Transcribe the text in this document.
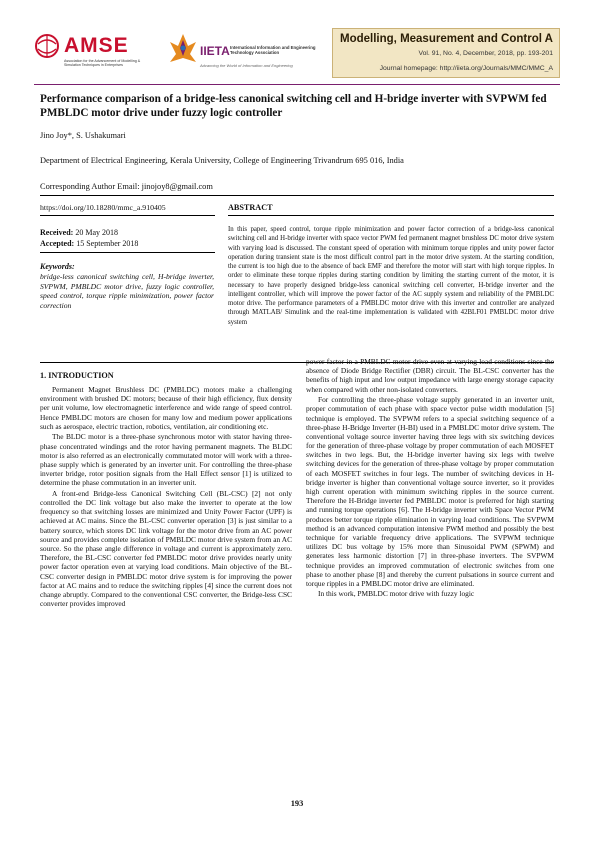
AMSE
Association for the Advancement of Modelling & Simulation Techniques in Enterprises
IIETA International Information and Engineering Technology Association
Advancing the World of Information and Engineering
Modelling, Measurement and Control A
Vol. 91, No. 4, December, 2018, pp. 193-201
Journal homepage: http://iieta.org/Journals/MMC/MMC_A
Performance comparison of a bridge-less canonical switching cell and H-bridge inverter with SVPWM fed PMBLDC motor drive under fuzzy logic controller
Jino Joy*, S. Ushakumari
Department of Electrical Engineering, Kerala University, College of Engineering Trivandrum 695 016, India
Corresponding Author Email: jinojoy8@gmail.com
https://doi.org/10.18280/mmc_a.910405	ABSTRACT
Received: 20 May 2018
Accepted: 15 September 2018
Keywords:
bridge-less canonical switching cell, H-bridge inverter, SVPWM, PMBLDC motor drive, fuzzy logic controller, speed control, torque ripple minimization, power factor correction
In this paper, speed control, torque ripple minimization and power factor correction of a bridge-less canonical switching cell and H-bridge inverter with space vector PWM fed permanent magnet brushless DC motor drive system with varying load is discussed. The constant speed of operation with minimum torque ripples and unity power factor operation during transient state is the most difficult control part in the motor drive system. At the starting condition, the current is too high due to the absence of back EMF and therefore the motor will start with high torque ripples. In order to eliminate these torque ripples during starting condition by limiting the starting current of the motor, it is necessary to have properly designed bridge-less canonical switching cell converter, H-bridge inverter and the intelligent controller, which will improve the power factor of the AC supply system and reliability of the PMBLDC motor drive. The performance parameters of a PMBLDC motor drive with this inverter and controller are analyzed through MATLAB/ Simulink and the real-time implementation is validated with 42BLF01 PMBLDC motor drive system
1. INTRODUCTION

Permanent Magnet Brushless DC (PMBLDC) motors make a challenging environment with brushed DC motors; because of their high efficiency, flux density per unit volume, low electromagnetic interference and wide range of speed control. Hence PMBLDC motors are chosen for many low and medium power applications such as aerospace, electric traction, robotics, ventilation, air conditioning etc.

The BLDC motor is a three-phase synchronous motor with stator having three-phase concentrated windings and the rotor having permanent magnets. The BLDC motor is also referred as an electronically commutated motor will work with a three-phase supply which is generated by an inverter unit. For controlling the three-phase inverter bridge, rotor position signals from the Hall Effect sensor [1] is utilized to determine the phase commutation in an inverter unit.

A front-end Bridge-less Canonical Switching Cell (BL-CSC) [2] not only controlled the DC link voltage but also make the inverter to operate at the low frequency so that switching losses are minimized and Unity Power Factor (UPF) is achieved at AC mains. Since the BL-CSC converter operation [3] is just similar to a battery source, which stores DC link voltage for the motor drive from an AC power source and provides complete isolation of PMBLDC motor drive system from an AC source. So the phase angle difference in voltage and current is approximately zero. Therefore, the BL-CSC converter fed PMBLDC motor drive provides nearly unity power factor operation even at varying load conditions. Main objective of the BL-CSC converter design in PMBLDC motor drive system is for improving the power factor at AC mains and to reduce the switching ripples [4] since the current does not change abruptly. Compared to the conventional CSC converter, the Bridge-less CSC converter provides improved

power factor in a PMBLDC motor drive even at varying load conditions since the absence of Diode Bridge Rectifier (DBR) circuit. The BL-CSC converter has the benefits of high input and low output impedance with large energy storage capacity when compared with other non-isolated converters.

For controlling the three-phase voltage supply generated in an inverter unit, proper commutation of each phase with space vector pulse width modulation [5] technique is employed. The SVPWM refers to a special switching sequence of a three-phase H-Bridge Inverter (H-BI) used in a PMBLDC motor drive system. The conventional voltage source inverter having three legs with six switching devices for the generation of three-phase voltage by proper commutation of each MOSFET switches in two legs. But, the H-bridge inverter having six legs with twelve switching devices for the generation of three-phase voltage by proper commutation of each MOSFET switches in four legs. The number of switching devices in H-bridge inverter is higher than conventional voltage source inverter, so it provides high current operation with minimum switching ripples in the source current. Therefore the H-Bridge inverter fed PMBLDC motor is preferred for high starting and running torque operations [6]. The H-bridge inverter with Space Vector PWM produces better torque ripple elimination in varying load conditions. The SVPWM method is an advanced computation intensive PWM method and possibly the best technique for variable frequency drive applications. The SVPWM technique utilizes DC bus voltage by 15% more than Sinusoidal PWM (SPWM) and generates less harmonic distortion [7] in three-phase inverters. The SVPWM technique provides an improved commutation of electronic switches from one phase to another phase [8] and thereby the current pulsations in source current and torque ripples in a PMBLDC motor drive are eliminated.

In this work, PMBLDC motor drive with fuzzy logic

193
